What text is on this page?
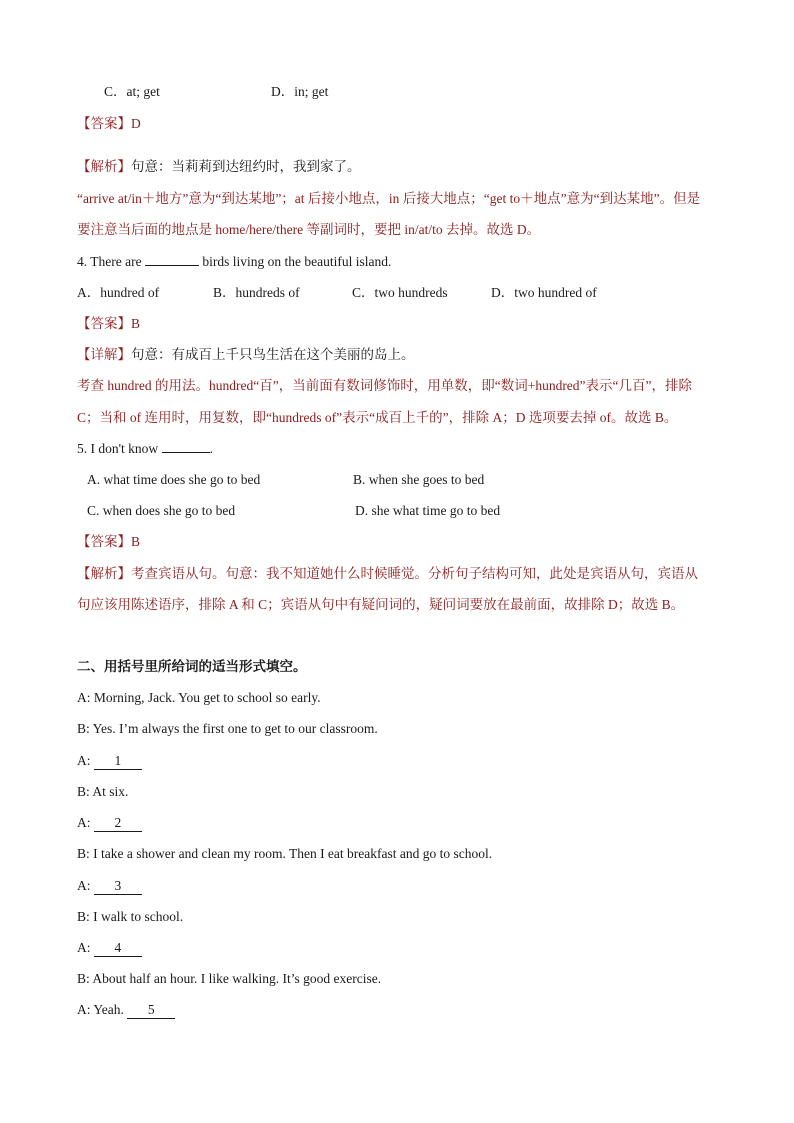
C．at; get	D．in; get
【答案】D
【解析】句意：当莉莉到达纽约时，我到家了。
“arrive at/in＋地方”意为“到达某地”；at 后接小地点，in 后接大地点；“get to＋地点”意为“到达某地”。但是
要注意当后面的地点是 home/here/there 等副词时，要把 in/at/to 去掉。故选 D。
4. There are	birds living on the beautiful island.
A．hundred of	B．hundreds of	C．two hundreds	D．two hundred of
【答案】B
【详解】句意：有成百上千只鸟生活在这个美丽的岛上。
考查 hundred 的用法。hundred“百”，当前面有数词修饰时，用单数，即“数词+hundred”表示“几百”，排除
C；当和 of 连用时，用复数，即“hundreds of”表示“成百上千的”，排除 A；D 选项要去掉 of。故选 B。
5. I don't know	.
A. what time does she go to bed	B. when she goes to bed
C. when does she go to bed	D. she what time go to bed
【答案】B
【解析】考查宾语从句。句意：我不知道她什么时候睡觉。分析句子结构可知，此处是宾语从句，宾语从
句应该用陈述语序，排除 A 和 C；宾语从句中有疑问词的，疑问词要放在最前面，故排除 D；故选 B。
二、用括号里所给词的适当形式填空。
A: Morning, Jack. You get to school so early.
B: Yes. I’m always the first one to get to our classroom.
A: 1
B: At six.
A: 2
B: I take a shower and clean my room. Then I eat breakfast and go to school.
A: 3
B: I walk to school.
A: 4
B: About half an hour. I like walking. It’s good exercise.
A: Yeah. 5
